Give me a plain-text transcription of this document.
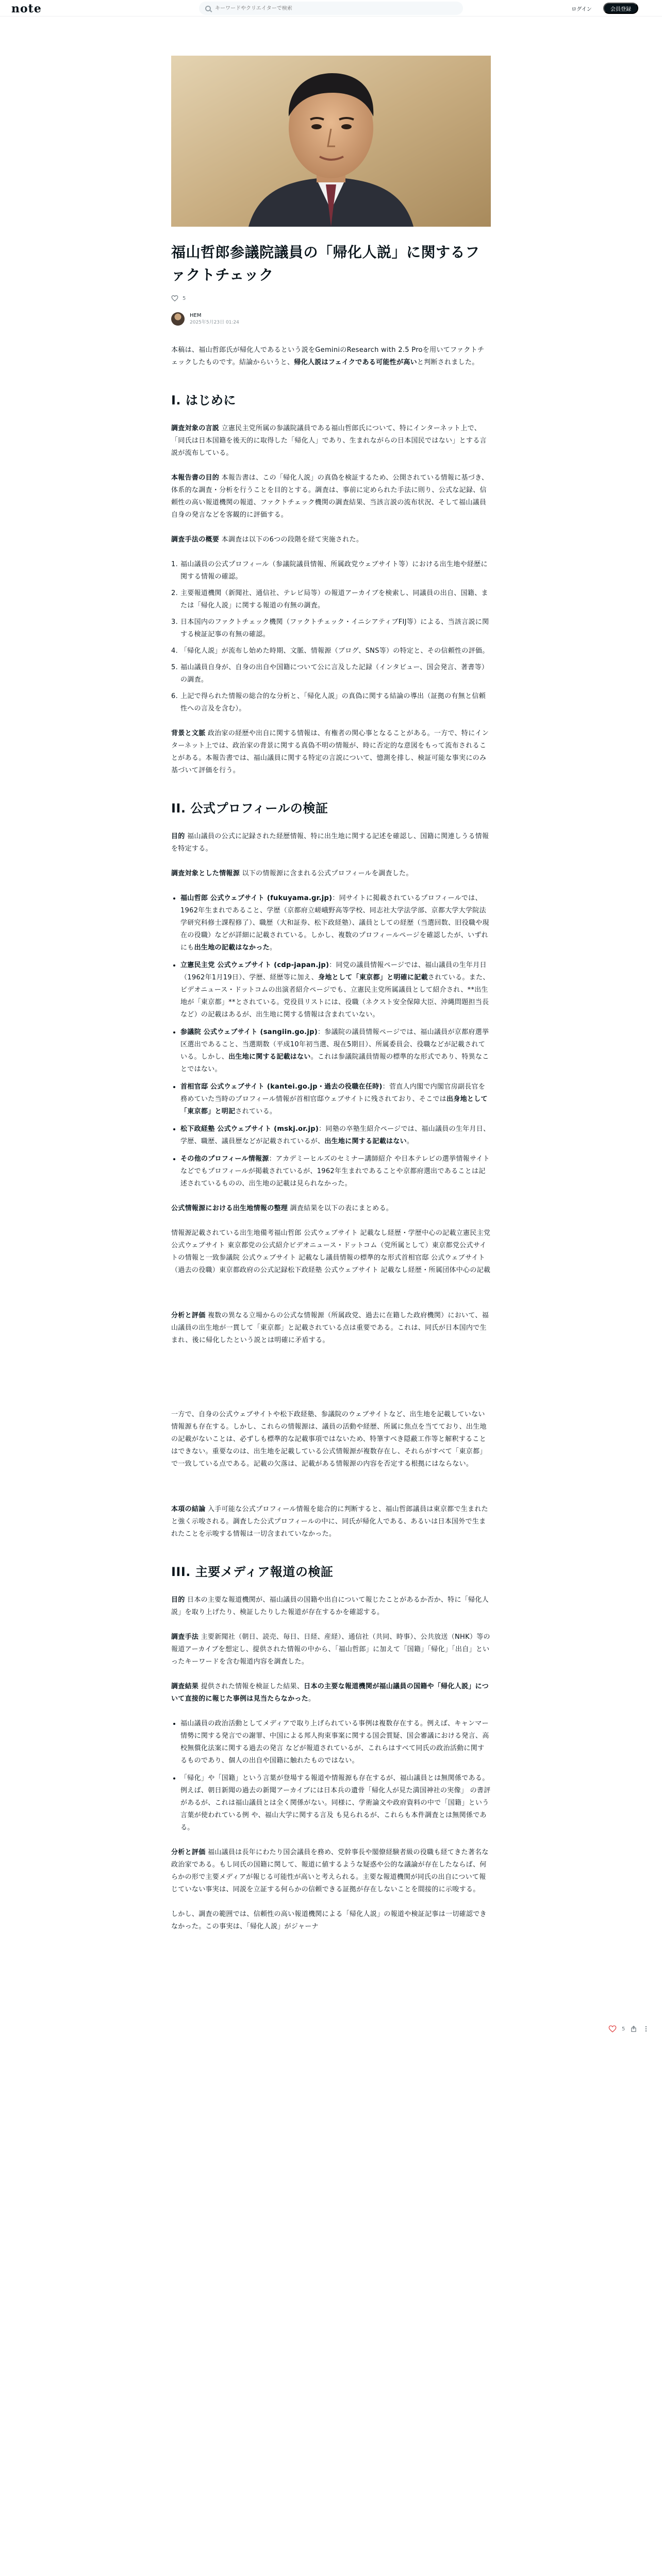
note
キーワードやクリエイターで検索	ログイン	会員登録
福山哲郎参議院議員の「帰化人説」に関するファクトチェック
5
HEM
2025年5月23日 01:24

本稿は、福山哲郎氏が帰化人であるという説をGeminiのResearch with 2.5 Proを用いてファクトチェックしたものです。結論からいうと、帰化人説はフェイクである可能性が高いと判断されました。

I. はじめに

調査対象の言説 立憲民主党所属の参議院議員である福山哲郎氏について、特にインターネット上で、「同氏は日本国籍を後天的に取得した「帰化人」であり、生まれながらの日本国民ではない」とする言説が流布している。

本報告書の目的 本報告書は、この「帰化人説」の真偽を検証するため、公開されている情報に基づき、体系的な調査・分析を行うことを目的とする。調査は、事前に定められた手法に則り、公式な記録、信頼性の高い報道機関の報道、ファクトチェック機関の調査結果、当該言説の流布状況、そして福山議員自身の発言などを客観的に評価する。

調査手法の概要 本調査は以下の6つの段階を経て実施された。

1. 福山議員の公式プロフィール（参議院議員情報、所属政党ウェブサイト等）における出生地や経歴に関する情報の確認。
2. 主要報道機関（新聞社、通信社、テレビ局等）の報道アーカイブを検索し、同議員の出自、国籍、または「帰化人説」に関する報道の有無の調査。
3. 日本国内のファクトチェック機関（ファクトチェック・イニシアティブFIJ等）による、当該言説に関する検証記事の有無の確認。
4. 「帰化人説」が流布し始めた時期、文脈、情報源（ブログ、SNS等）の特定と、その信頼性の評価。
5. 福山議員自身が、自身の出自や国籍について公に言及した記録（インタビュー、国会発言、著書等）の調査。
6. 上記で得られた情報の総合的な分析と、「帰化人説」の真偽に関する結論の導出（証拠の有無と信頼性への言及を含む）。

背景と文脈 政治家の経歴や出自に関する情報は、有権者の関心事となることがある。一方で、特にインターネット上では、政治家の背景に関する真偽不明の情報が、時に否定的な意図をもって流布されることがある。本報告書では、福山議員に関する特定の言説について、憶測を排し、検証可能な事実にのみ基づいて評価を行う。

II. 公式プロフィールの検証

目的 福山議員の公式に記録された経歴情報、特に出生地に関する記述を確認し、国籍に関連しうる情報を特定する。

調査対象とした情報源 以下の情報源に含まれる公式プロフィールを調査した。

福山哲郎 公式ウェブサイト (fukuyama.gr.jp)：同サイトに掲載されているプロフィールでは、1962年生まれであること、学歴（京都府立嵯峨野高等学校、同志社大学法学部、京都大学大学院法学研究科修士課程修了）、職歴（大和証券、松下政経塾）、議員としての経歴（当選回数、旧役職や現在の役職）などが詳細に記載されている。しかし、複数のプロフィールページを確認したが、いずれにも出生地の記載はなかった。
立憲民主党 公式ウェブサイト (cdp-japan.jp)：同党の議員情報ページでは、福山議員の生年月日（1962年1月19日）、学歴、経歴等に加え、身地として「東京都」と明確に記載されている。また、ビデオニュース・ドットコムの出演者紹介ページでも、立憲民主党所属議員として紹介され、**出生地が「東京都」**とされている。党役員リストには、役職（ネクスト安全保障大臣、沖縄問題担当長など）の記載はあるが、出生地に関する情報は含まれていない。
参議院 公式ウェブサイト (sangiin.go.jp)：参議院の議員情報ページでは、福山議員が京都府選挙区選出であること、当選期数（平成10年初当選、現在5期目）、所属委員会、役職などが記載されている。しかし、出生地に関する記載はない。これは参議院議員情報の標準的な形式であり、特異なことではない。
首相官邸 公式ウェブサイト (kantei.go.jp・過去の役職在任時)：菅直人内閣で内閣官房副長官を務めていた当時のプロフィール情報が首相官邸ウェブサイトに残されており、そこでは出身地として「東京都」と明記されている。
松下政経塾 公式ウェブサイト (mskj.or.jp)：同塾の卒塾生紹介ページでは、福山議員の生年月日、学歴、職歴、議員歴などが記載されているが、出生地に関する記載はない。
その他のプロフィール情報源：アカデミーヒルズのセミナー講師紹介 や日本テレビの選挙情報サイト などでもプロフィールが掲載されているが、1962年生まれであることや京都府選出であることは記述されているものの、出生地の記載は見られなかった。

公式情報源における出生地情報の整理 調査結果を以下の表にまとめる。

情報源記載されている出生地備考福山哲郎 公式ウェブサイト 記載なし経歴・学歴中心の記載立憲民主党 公式ウェブサイト 東京都党の公式紹介ビデオニュース・ドットコム（党所属として）東京都党公式サイトの情報と一致参議院 公式ウェブサイト 記載なし議員情報の標準的な形式首相官邸 公式ウェブサイト（過去の役職）東京都政府の公式記録松下政経塾 公式ウェブサイト 記載なし経歴・所属団体中心の記載

分析と評価 複数の異なる立場からの公式な情報源（所属政党、過去に在籍した政府機関）において、福山議員の出生地が一貫して「東京都」と記載されている点は重要である。これは、同氏が日本国内で生まれ、後に帰化したという説とは明確に矛盾する。

一方で、自身の公式ウェブサイトや松下政経塾、参議院のウェブサイトなど、出生地を記載していない情報源も存在する。しかし、これらの情報源は、議員の活動や経歴、所属に焦点を当てており、出生地の記載がないことは、必ずしも標準的な記載事項ではないため、特筆すべき隠蔽工作等と解釈することはできない。重要なのは、出生地を記載している公式情報源が複数存在し、それらがすべて「東京都」で一致している点である。記載の欠落は、記載がある情報源の内容を否定する根拠にはならない。

本項の結論 入手可能な公式プロフィール情報を総合的に判断すると、福山哲郎議員は東京都で生まれたと強く示唆される。調査した公式プロフィールの中に、同氏が帰化人である、あるいは日本国外で生まれたことを示唆する情報は一切含まれていなかった。

III. 主要メディア報道の検証

目的 日本の主要な報道機関が、福山議員の国籍や出自について報じたことがあるか否か、特に「帰化人説」を取り上げたり、検証したりした報道が存在するかを確認する。

調査手法 主要新聞社（朝日、読売、毎日、日経、産経）、通信社（共同、時事）、公共放送（NHK）等の報道アーカイブを想定し、提供された情報の中から、「福山哲郎」に加えて「国籍」「帰化」「出自」といったキーワードを含む報道内容を調査した。

調査結果 提供された情報を検証した結果、日本の主要な報道機関が福山議員の国籍や「帰化人説」について直接的に報じた事例は見当たらなかった。

福山議員の政治活動としてメディアで取り上げられている事例は複数存在する。例えば、キャンマー情勢に関する発言での謝罪、中国による邦人拘束事案に関する国会質疑、国会審議における発言、高校無償化法案に関する過去の発言 などが報道されているが、これらはすべて同氏の政治活動に関するものであり、個人の出自や国籍に触れたものではない。
「帰化」や「国籍」という言葉が登場する報道や情報源も存在するが、福山議員とは無関係である。例えば、朝日新聞の過去の新聞アーカイブには日本兵の遺骨「帰化人が見た満国神社の実像」 の書評があるが、これは福山議員とは全く関係がない。同様に、学術論文や政府資料の中で「国籍」という言葉が使われている例 や、福山大学に関する言及 も見られるが、これらも本件調査とは無関係である。

分析と評価 福山議員は長年にわたり国会議員を務め、党幹事長や閣僚経験者級の役職も経てきた著名な政治家である。もし同氏の国籍に関して、報道に値するような疑惑や公的な議論が存在したならば、何らかの形で主要メディアが報じる可能性が高いと考えられる。主要な報道機関が同氏の出自について報じていない事実は、同説を立証する何らかの信頼できる証拠が存在しないことを間接的に示唆する。

しかし、調査の範囲では、信頼性の高い報道機関による「帰化人説」の報道や検証記事は一切確認できなかった。この事実は、「帰化人説」がジャーナ

5
